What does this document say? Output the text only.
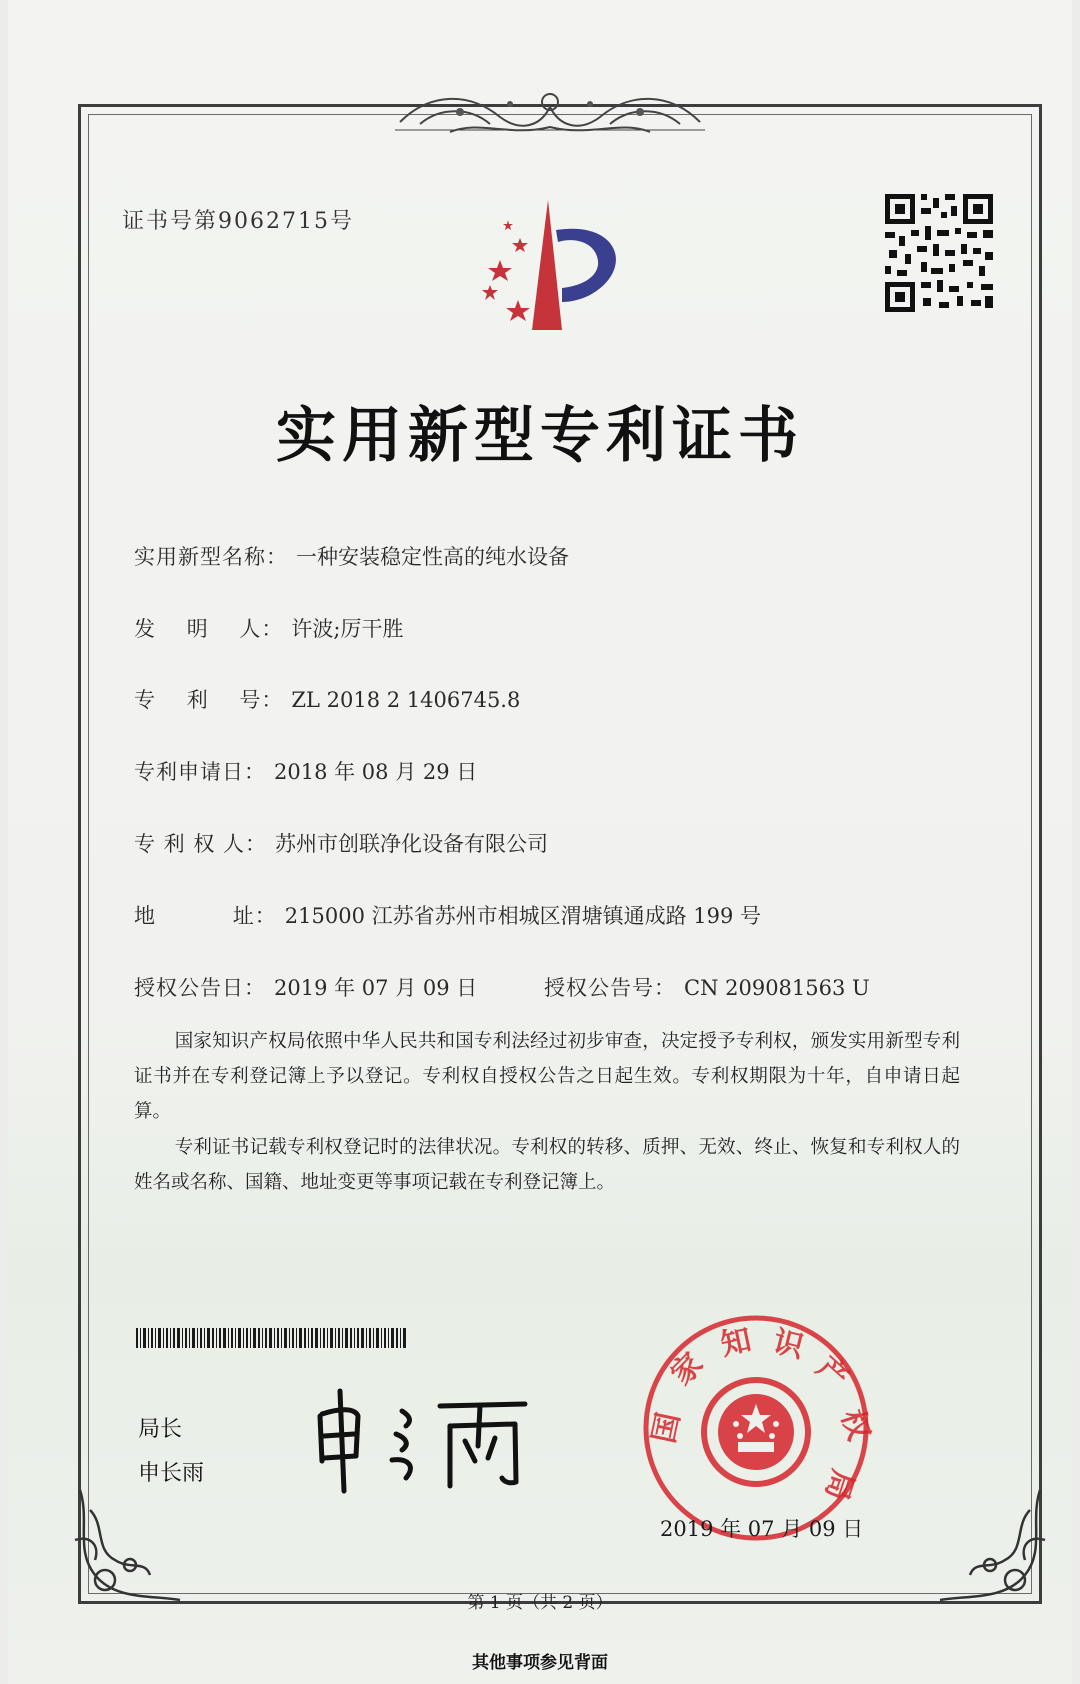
证书号第9062715号
实用新型专利证书
实用新型名称： 一种安装稳定性高的纯水设备
发    明    人： 许波;厉干胜
专    利    号： ZL 2018 2 1406745.8
专利申请日： 2018 年 08 月 29 日
专 利 权 人： 苏州市创联净化设备有限公司
地          址： 215000 江苏省苏州市相城区渭塘镇通成路 199 号
授权公告日： 2019 年 07 月 09 日	授权公告号： CN 209081563 U
国家知识产权局依照中华人民共和国专利法经过初步审查，决定授予专利权，颁发实用新型专利证书并在专利登记簿上予以登记。专利权自授权公告之日起生效。专利权期限为十年，自申请日起算。
专利证书记载专利权登记时的法律状况。专利权的转移、质押、无效、终止、恢复和专利权人的姓名或名称、国籍、地址变更等事项记载在专利登记簿上。
局长
申长雨
国
家
知 识
产
权
局
2019 年 07 月 09 日
第 1 页（共 2 页）
其他事项参见背面
